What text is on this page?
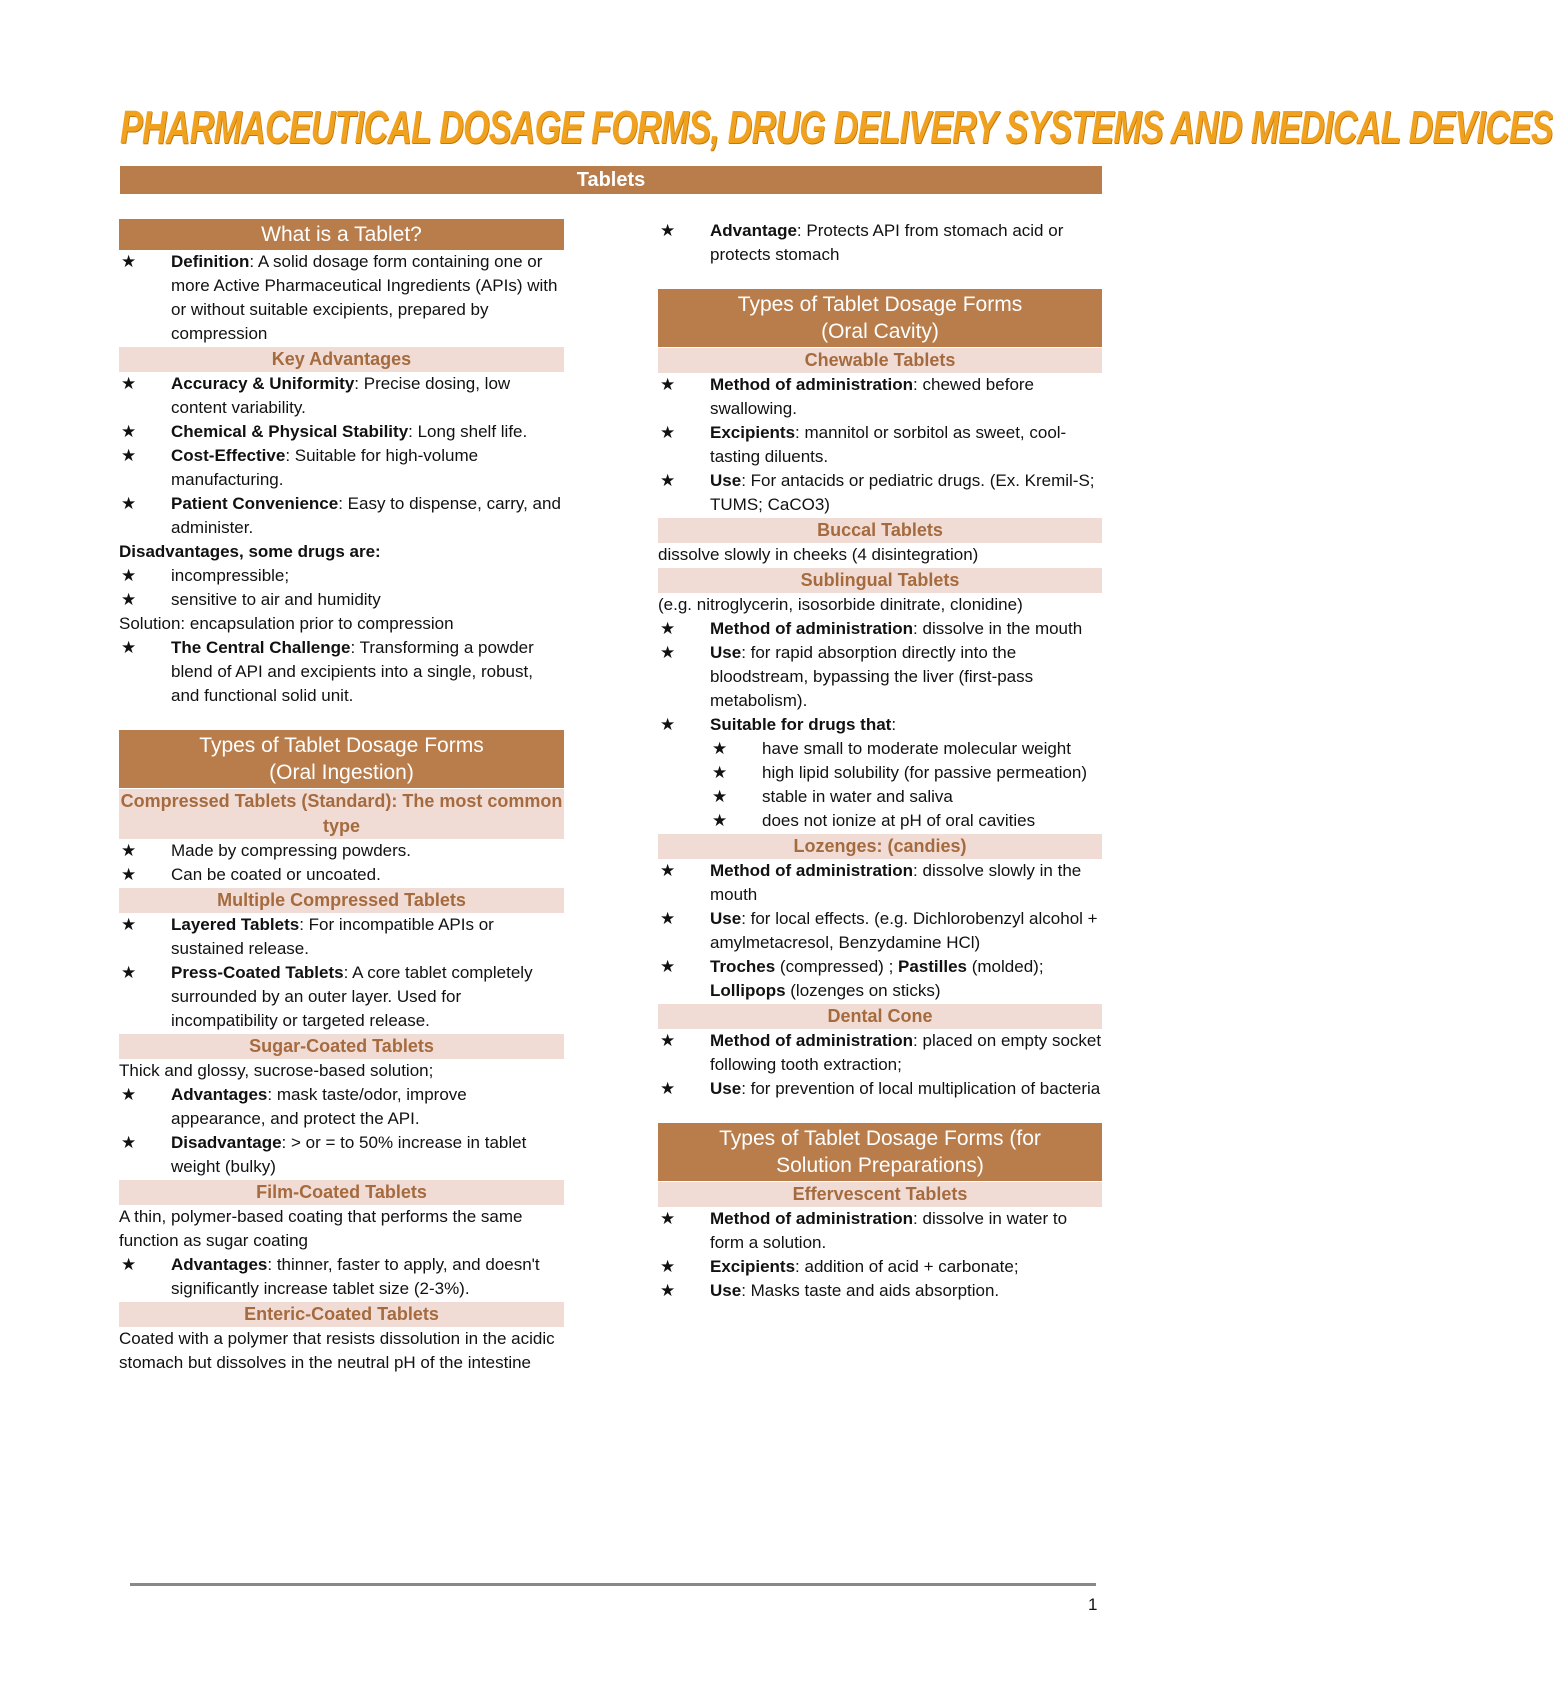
PHARMACEUTICAL DOSAGE FORMS, DRUG DELIVERY SYSTEMS AND MEDICAL DEVICES
Tablets
What is a Tablet?
★ Definition: A solid dosage form containing one or more Active Pharmaceutical Ingredients (APIs) with or without suitable excipients, prepared by compression
Key Advantages
★ Accuracy & Uniformity: Precise dosing, low content variability.
★ Chemical & Physical Stability: Long shelf life.
★ Cost-Effective: Suitable for high-volume manufacturing.
★ Patient Convenience: Easy to dispense, carry, and administer.
Disadvantages, some drugs are:
★ incompressible;
★ sensitive to air and humidity
Solution: encapsulation prior to compression
★ The Central Challenge: Transforming a powder blend of API and excipients into a single, robust, and functional solid unit.
Types of Tablet Dosage Forms
(Oral Ingestion)
Compressed Tablets (Standard): The most common type
★ Made by compressing powders.
★ Can be coated or uncoated.
Multiple Compressed Tablets
★ Layered Tablets: For incompatible APIs or sustained release.
★ Press-Coated Tablets: A core tablet completely surrounded by an outer layer. Used for incompatibility or targeted release.
Sugar-Coated Tablets
Thick and glossy, sucrose-based solution;
★ Advantages: mask taste/odor, improve appearance, and protect the API.
★ Disadvantage: > or = to 50% increase in tablet weight (bulky)
Film-Coated Tablets
A thin, polymer-based coating that performs the same function as sugar coating
★ Advantages: thinner, faster to apply, and doesn't significantly increase tablet size (2-3%).
Enteric-Coated Tablets
Coated with a polymer that resists dissolution in the acidic stomach but dissolves in the neutral pH of the intestine
★ Advantage: Protects API from stomach acid or protects stomach
Types of Tablet Dosage Forms
(Oral Cavity)
Chewable Tablets
★ Method of administration: chewed before swallowing.
★ Excipients: mannitol or sorbitol as sweet, cool-tasting diluents.
★ Use: For antacids or pediatric drugs. (Ex. Kremil-S; TUMS; CaCO3)
Buccal Tablets
dissolve slowly in cheeks (4 disintegration)
Sublingual Tablets
(e.g. nitroglycerin, isosorbide dinitrate, clonidine)
★ Method of administration: dissolve in the mouth
★ Use: for rapid absorption directly into the bloodstream, bypassing the liver (first-pass metabolism).
★ Suitable for drugs that:
★ have small to moderate molecular weight
★ high lipid solubility (for passive permeation)
★ stable in water and saliva
★ does not ionize at pH of oral cavities
Lozenges: (candies)
★ Method of administration: dissolve slowly in the mouth
★ Use: for local effects. (e.g. Dichlorobenzyl alcohol + amylmetacresol, Benzydamine HCl)
★ Troches (compressed) ; Pastilles (molded); Lollipops (lozenges on sticks)
Dental Cone
★ Method of administration: placed on empty socket following tooth extraction;
★ Use: for prevention of local multiplication of bacteria
Types of Tablet Dosage Forms (for
Solution Preparations)
Effervescent Tablets
★ Method of administration: dissolve in water to form a solution.
★ Excipients: addition of acid + carbonate;
★ Use: Masks taste and aids absorption.
1
